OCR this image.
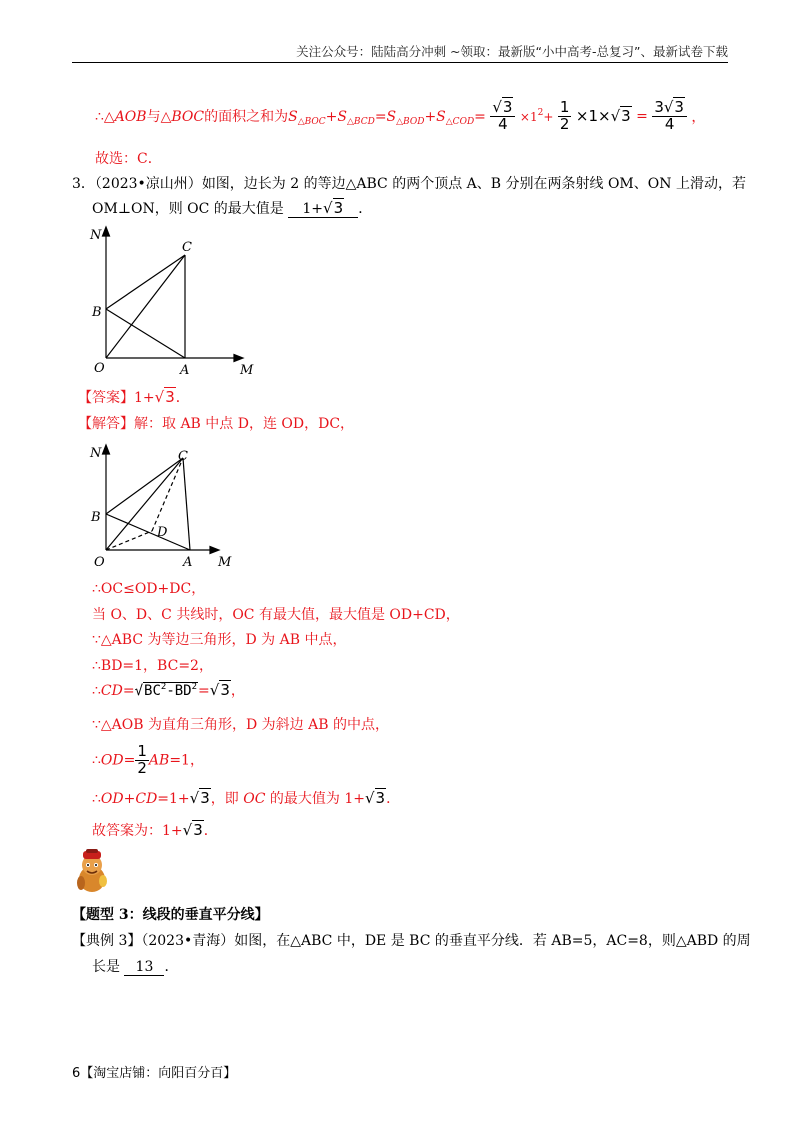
关注公众号：陆陆高分冲刺 ~领取：最新版“小中高考-总复习”、最新试卷下载
∴△AOB与△BOC的面积之和为$S_{\triangle BOC}+S_{\triangle BCD}=S_{\triangle BOD}+S_{\triangle COD}= \frac{√3}{4} \times 1^2+ \frac{1}{2} \times 1\times√3 = \frac{3√3}{4}$ ，
故选：C．
3．（2023•凉山州）如图，边长为 2 的等边△ABC 的两个顶点 A、B 分别在两条射线 OM、ON 上滑动，若
OM⊥ON，则 OC 的最大值是 1+√3 ．
N
C
B
O	A	M
【答案】1+√3．
【解答】解：取 AB 中点 D，连 OD，DC，
N	C
B
D
O	A M
∴OC≤OD+DC，
当 O、D、C 共线时，OC 有最大值，最大值是 OD+CD，
∵△ABC 为等边三角形，D 为 AB 中点，
∴BD=1，BC=2，
$\therefore CD=√BC^2-BD^2=√3$，
∵△AOB 为直角三角形，D 为斜边 AB 的中点，
∴OD= $\frac{1}{2} AB=1$，
∴OD+CD=1+√3，即 OC 的最大值为 1+√3．
故答案为：1+√3．
【题型 3：线段的垂直平分线】
【典例 3】（2023•青海）如图，在△ABC 中，DE 是 BC 的垂直平分线．若 AB=5，AC=8，则△ABD 的周
长是 13 ．
6【淘宝店铺：向阳百分百】
